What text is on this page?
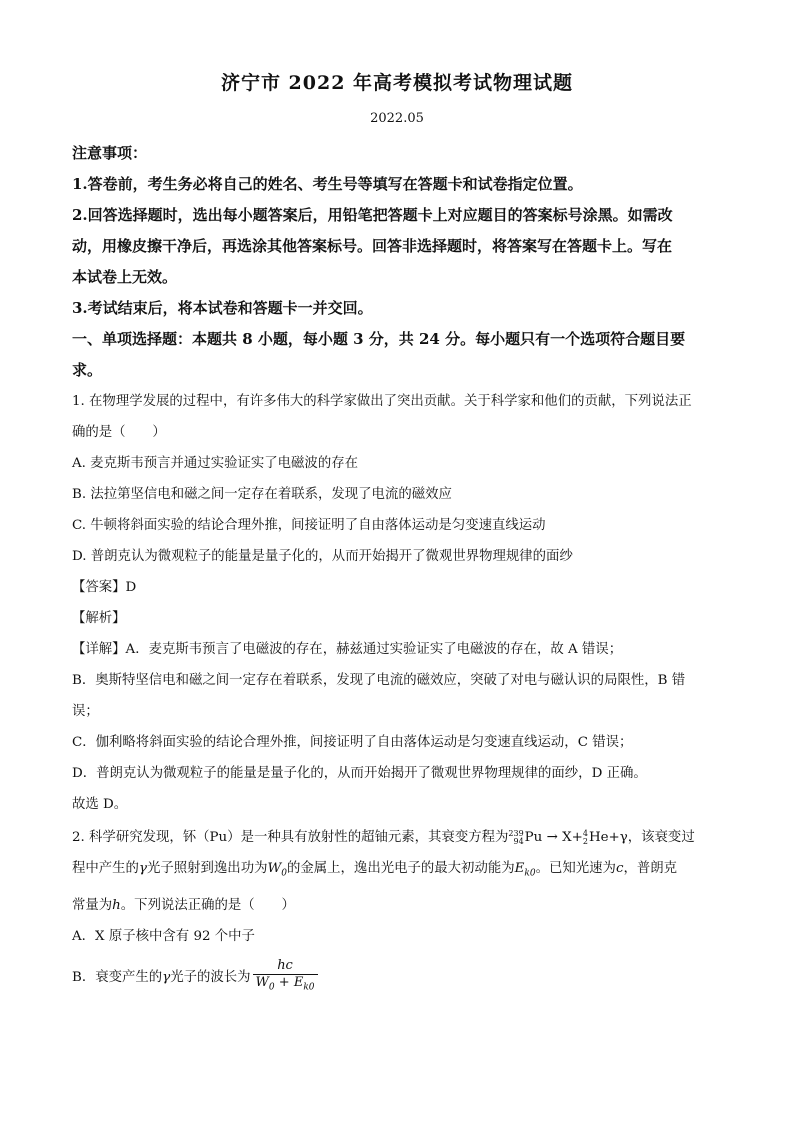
济宁市 2022 年高考模拟考试物理试题
2022.05

注意事项：

1.答卷前，考生务必将自己的姓名、考生号等填写在答题卡和试卷指定位置。

2.回答选择题时，选出每小题答案后，用铅笔把答题卡上对应题目的答案标号涂黑。如需改

动，用橡皮擦干净后，再选涂其他答案标号。回答非选择题时，将答案写在答题卡上。写在

本试卷上无效。

3.考试结束后，将本试卷和答题卡一并交回。

一、单项选择题：本题共 8 小题，每小题 3 分，共 24 分。每小题只有一个选项符合题目要

求。

1. 在物理学发展的过程中，有许多伟大的科学家做出了突出贡献。关于科学家和他们的贡献，下列说法正

确的是（　　）

A. 麦克斯韦预言并通过实验证实了电磁波的存在

B. 法拉第坚信电和磁之间一定存在着联系，发现了电流的磁效应

C. 牛顿将斜面实验的结论合理外推，间接证明了自由落体运动是匀变速直线运动

D. 普朗克认为微观粒子的能量是量子化的，从而开始揭开了微观世界物理规律的面纱

【答案】D

【解析】

【详解】A．麦克斯韦预言了电磁波的存在，赫兹通过实验证实了电磁波的存在，故 A 错误；

B．奥斯特坚信电和磁之间一定存在着联系，发现了电流的磁效应，突破了对电与磁认识的局限性，B 错

误；

C．伽利略将斜面实验的结论合理外推，间接证明了自由落体运动是匀变速直线运动，C 错误；

D．普朗克认为微观粒子的能量是量子化的，从而开始揭开了微观世界物理规律的面纱，D 正确。

故选 D。

2. 科学研究发现，钚（Pu）是一种具有放射性的超铀元素，其衰变方程为 239
94 Pu → X+ 4
2 He+γ，该衰变过

程中产生的γ光子照射到逸出功为$W_0$的金属上，逸出光电子的最大初动能为$E_{k0}$。已知光速为c，普朗克

常量为h。下列说法正确的是（　　）

A．X 原子核中含有 92 个中子

B．衰变产生的γ光子的波长为 $\frac{hc}{W_0 + E_{k0}}$
